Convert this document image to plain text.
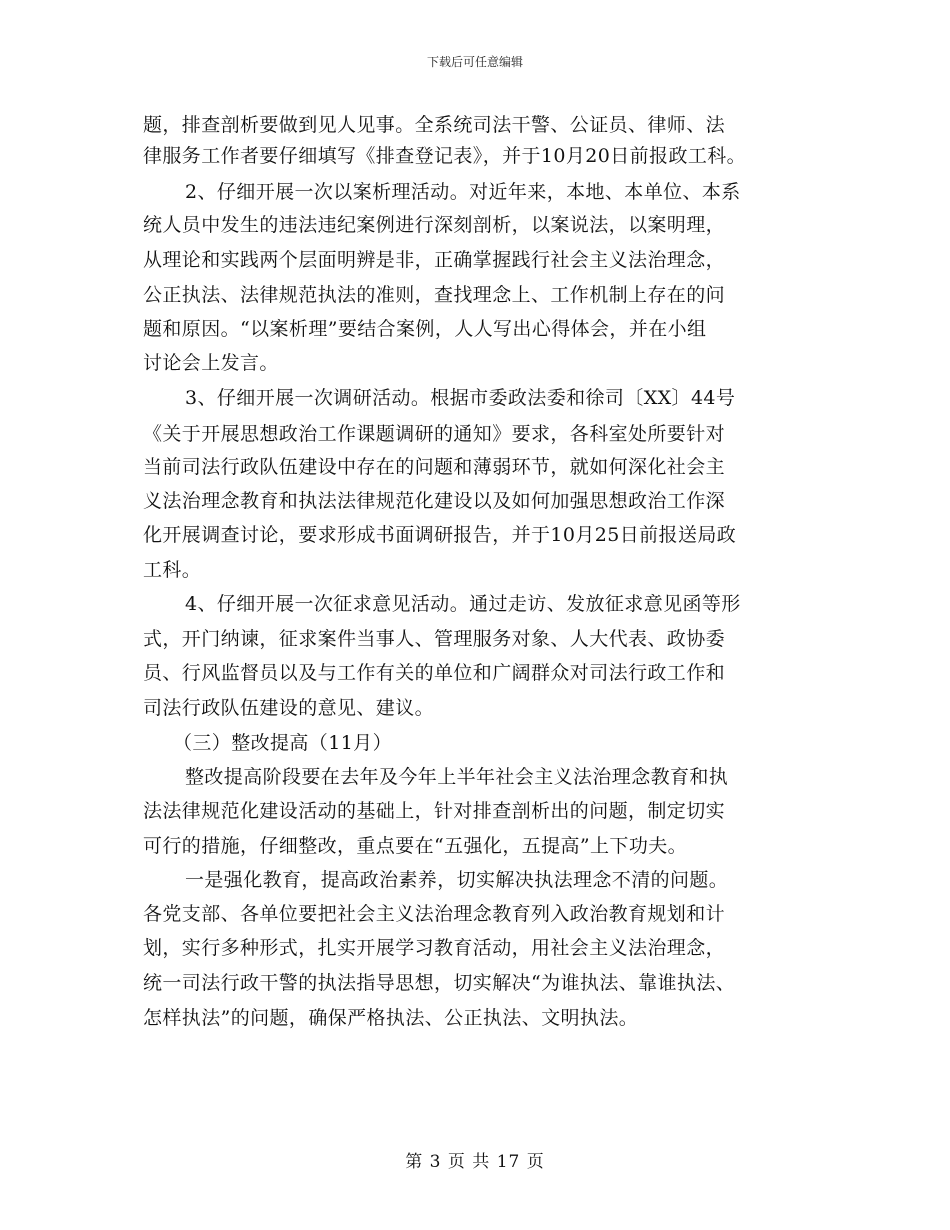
下载后可任意编辑
题，排查剖析要做到见人见事。全系统司法干警、公证员、律师、法
律服务工作者要仔细填写《排查登记表》，并于10月20日前报政工科。
2、仔细开展一次以案析理活动。对近年来，本地、本单位、本系
统人员中发生的违法违纪案例进行深刻剖析，以案说法，以案明理，
从理论和实践两个层面明辨是非，正确掌握践行社会主义法治理念，
公正执法、法律规范执法的准则，查找理念上、工作机制上存在的问
题和原因。“以案析理”要结合案例，人人写出心得体会，并在小组
讨论会上发言。
3、仔细开展一次调研活动。根据市委政法委和徐司〔XX〕44号
《关于开展思想政治工作课题调研的通知》要求，各科室处所要针对
当前司法行政队伍建设中存在的问题和薄弱环节，就如何深化社会主
义法治理念教育和执法法律规范化建设以及如何加强思想政治工作深
化开展调查讨论，要求形成书面调研报告，并于10月25日前报送局政
工科。
4、仔细开展一次征求意见活动。通过走访、发放征求意见函等形
式，开门纳谏，征求案件当事人、管理服务对象、人大代表、政协委
员、行风监督员以及与工作有关的单位和广阔群众对司法行政工作和
司法行政队伍建设的意见、建议。
（三）整改提高（11月）
整改提高阶段要在去年及今年上半年社会主义法治理念教育和执
法法律规范化建设活动的基础上，针对排查剖析出的问题，制定切实
可行的措施，仔细整改，重点要在“五强化，五提高”上下功夫。
一是强化教育，提高政治素养，切实解决执法理念不清的问题。
各党支部、各单位要把社会主义法治理念教育列入政治教育规划和计
划，实行多种形式，扎实开展学习教育活动，用社会主义法治理念，
统一司法行政干警的执法指导思想，切实解决“为谁执法、靠谁执法、
怎样执法”的问题，确保严格执法、公正执法、文明执法。
第 3 页 共 17 页
